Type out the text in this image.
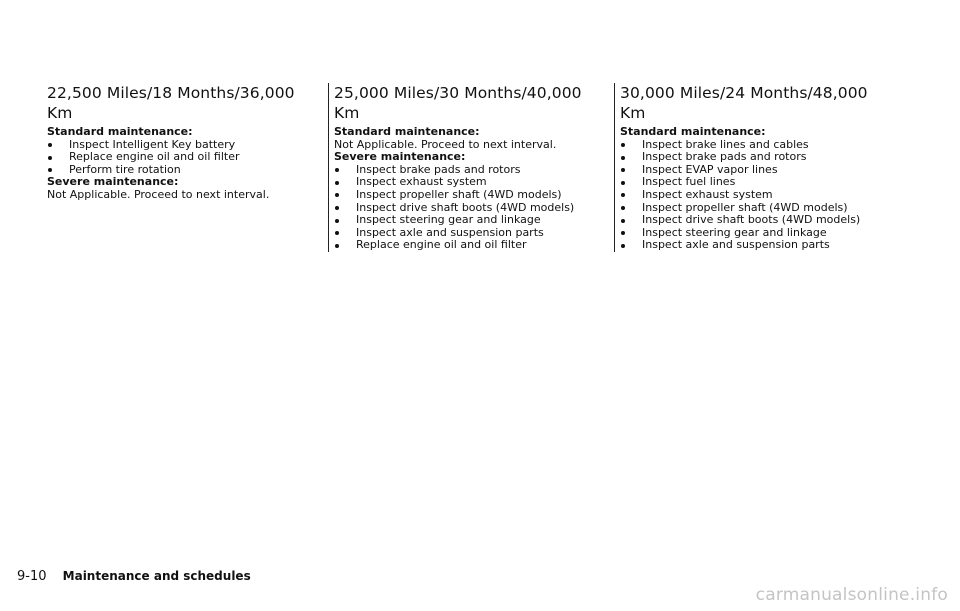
22,500 Miles/18 Months/36,000 Km
Standard maintenance:
Inspect Intelligent Key battery
Replace engine oil and oil filter
Perform tire rotation
Severe maintenance:
Not Applicable. Proceed to next interval.
25,000 Miles/30 Months/40,000 Km
Standard maintenance:
Not Applicable. Proceed to next interval.
Severe maintenance:
Inspect brake pads and rotors
Inspect exhaust system
Inspect propeller shaft (4WD models)
Inspect drive shaft boots (4WD models)
Inspect steering gear and linkage
Inspect axle and suspension parts
Replace engine oil and oil filter
30,000 Miles/24 Months/48,000 Km
Standard maintenance:
Inspect brake lines and cables
Inspect brake pads and rotors
Inspect EVAP vapor lines
Inspect fuel lines
Inspect exhaust system
Inspect propeller shaft (4WD models)
Inspect drive shaft boots (4WD models)
Inspect steering gear and linkage
Inspect axle and suspension parts
9-10 Maintenance and schedules
carmanualsonline.info
